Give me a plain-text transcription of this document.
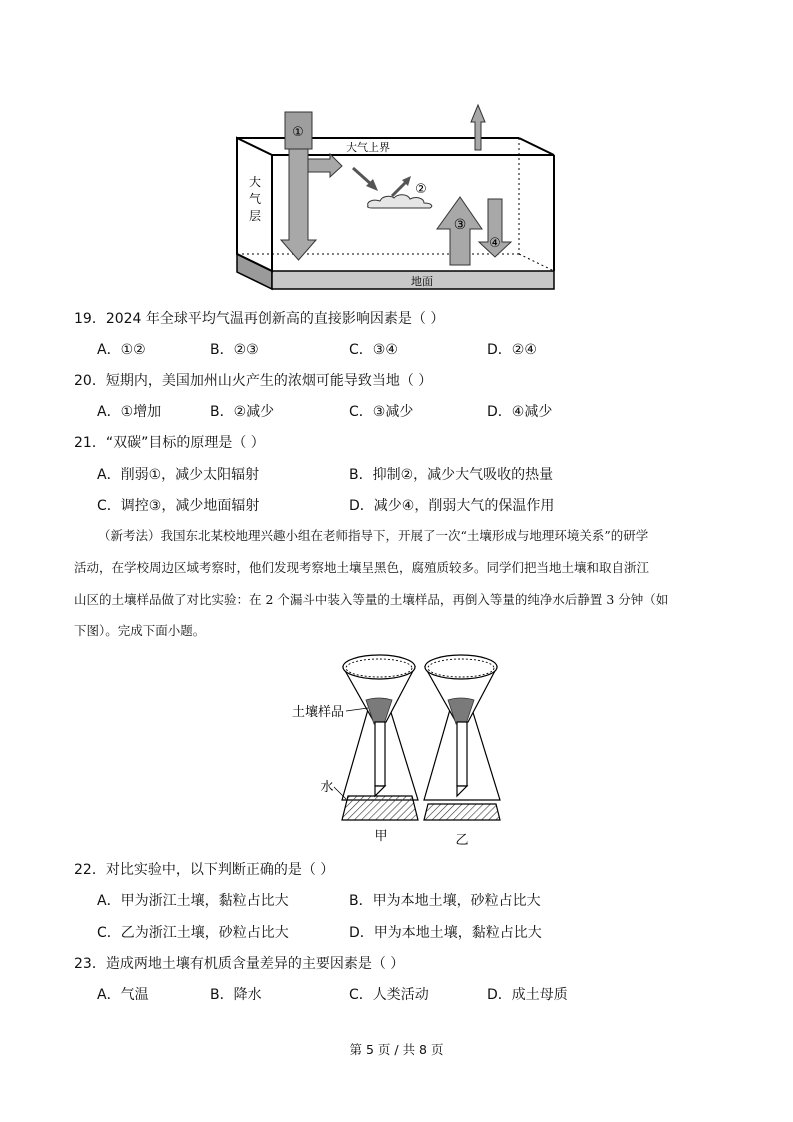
①
②
③
④
大气上界
大
气
层
地面
19．2024 年全球平均气温再创新高的直接影响因素是（ ）
A．①②	B．②③	C．③④	D．②④
20．短期内，美国加州山火产生的浓烟可能导致当地（ ）
A．①增加	B．②减少	C．③减少	D．④减少
21．“双碳”目标的原理是（ ）
A．削弱①，减少太阳辐射	B．抑制②，减少大气吸收的热量
C．调控③，减少地面辐射	D．减少④，削弱大气的保温作用
（新考法）我国东北某校地理兴趣小组在老师指导下，开展了一次“土壤形成与地理环境关系”的研学
活动，在学校周边区域考察时，他们发现考察地土壤呈黑色，腐殖质较多。同学们把当地土壤和取自浙江
山区的土壤样品做了对比实验：在 2 个漏斗中装入等量的土壤样品，再倒入等量的纯净水后静置 3 分钟（如
下图）。完成下面小题。
土壤样品
水
甲	乙
22．对比实验中，以下判断正确的是（ ）
A．甲为浙江土壤，黏粒占比大	B．甲为本地土壤，砂粒占比大
C．乙为浙江土壤，砂粒占比大	D．甲为本地土壤，黏粒占比大
23．造成两地土壤有机质含量差异的主要因素是（ ）
A．气温	B．降水	C．人类活动	D．成土母质
第 5 页 / 共 8 页
